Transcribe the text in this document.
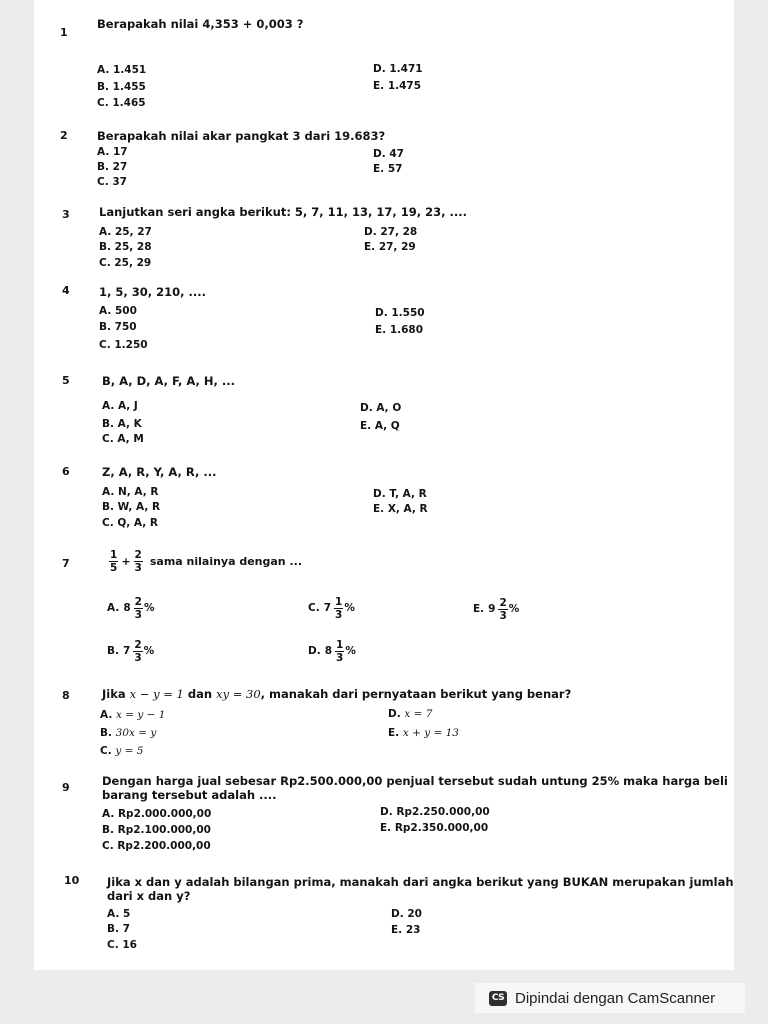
1
Berapakah nilai 4,353 + 0,003 ?
A. 1.451
B. 1.455
C. 1.465
D. 1.471
E. 1.475
2	Berapakah nilai akar pangkat 3 dari 19.683?
A. 17
B. 27
C. 37
D. 47
E. 57
3	Lanjutkan seri angka berikut: 5, 7, 11, 13, 17, 19, 23, ....
A. 25, 27
B. 25, 28
C. 25, 29
D. 27, 28
E. 27, 29
4	1, 5, 30, 210, ....
A. 500
B. 750
C. 1.250
D. 1.550
E. 1.680
5	B, A, D, A, F, A, H, ...
A. A, J
B. A, K
C. A, M
D. A, O
E. A, Q
6	Z, A, R, Y, A, R, ...
A. N, A, R
B. W, A, R
C. Q, A, R
D. T, A, R
E. X, A, R
7	$\frac{1}{5} + \frac{2}{3}$ sama nilainya dengan ...
A. $8 \frac{2}{3}$ %
B. $7 \frac{2}{3}$ %
C. $7 \frac{1}{3}$ %
D. $8 \frac{1}{3}$ %
E. $9 \frac{2}{3}$ %
8	Jika x − y = 1 dan xy = 30, manakah dari pernyataan berikut yang benar?
A. x = y − 1
B. 30x = y
C. y = 5
D. x = 7
E. x + y = 13
9	Dengan harga jual sebesar Rp2.500.000,00 penjual tersebut sudah untung 25% maka harga beli
barang tersebut adalah ....
A. Rp2.000.000,00
B. Rp2.100.000,00
C. Rp2.200.000,00
D. Rp2.250.000,00
E. Rp2.350.000,00
10 Jika x dan y adalah bilangan prima, manakah dari angka berikut yang BUKAN merupakan jumlah
dari x dan y?
A. 5
B. 7
C. 16
D. 20
E. 23
CS Dipindai dengan CamScanner
